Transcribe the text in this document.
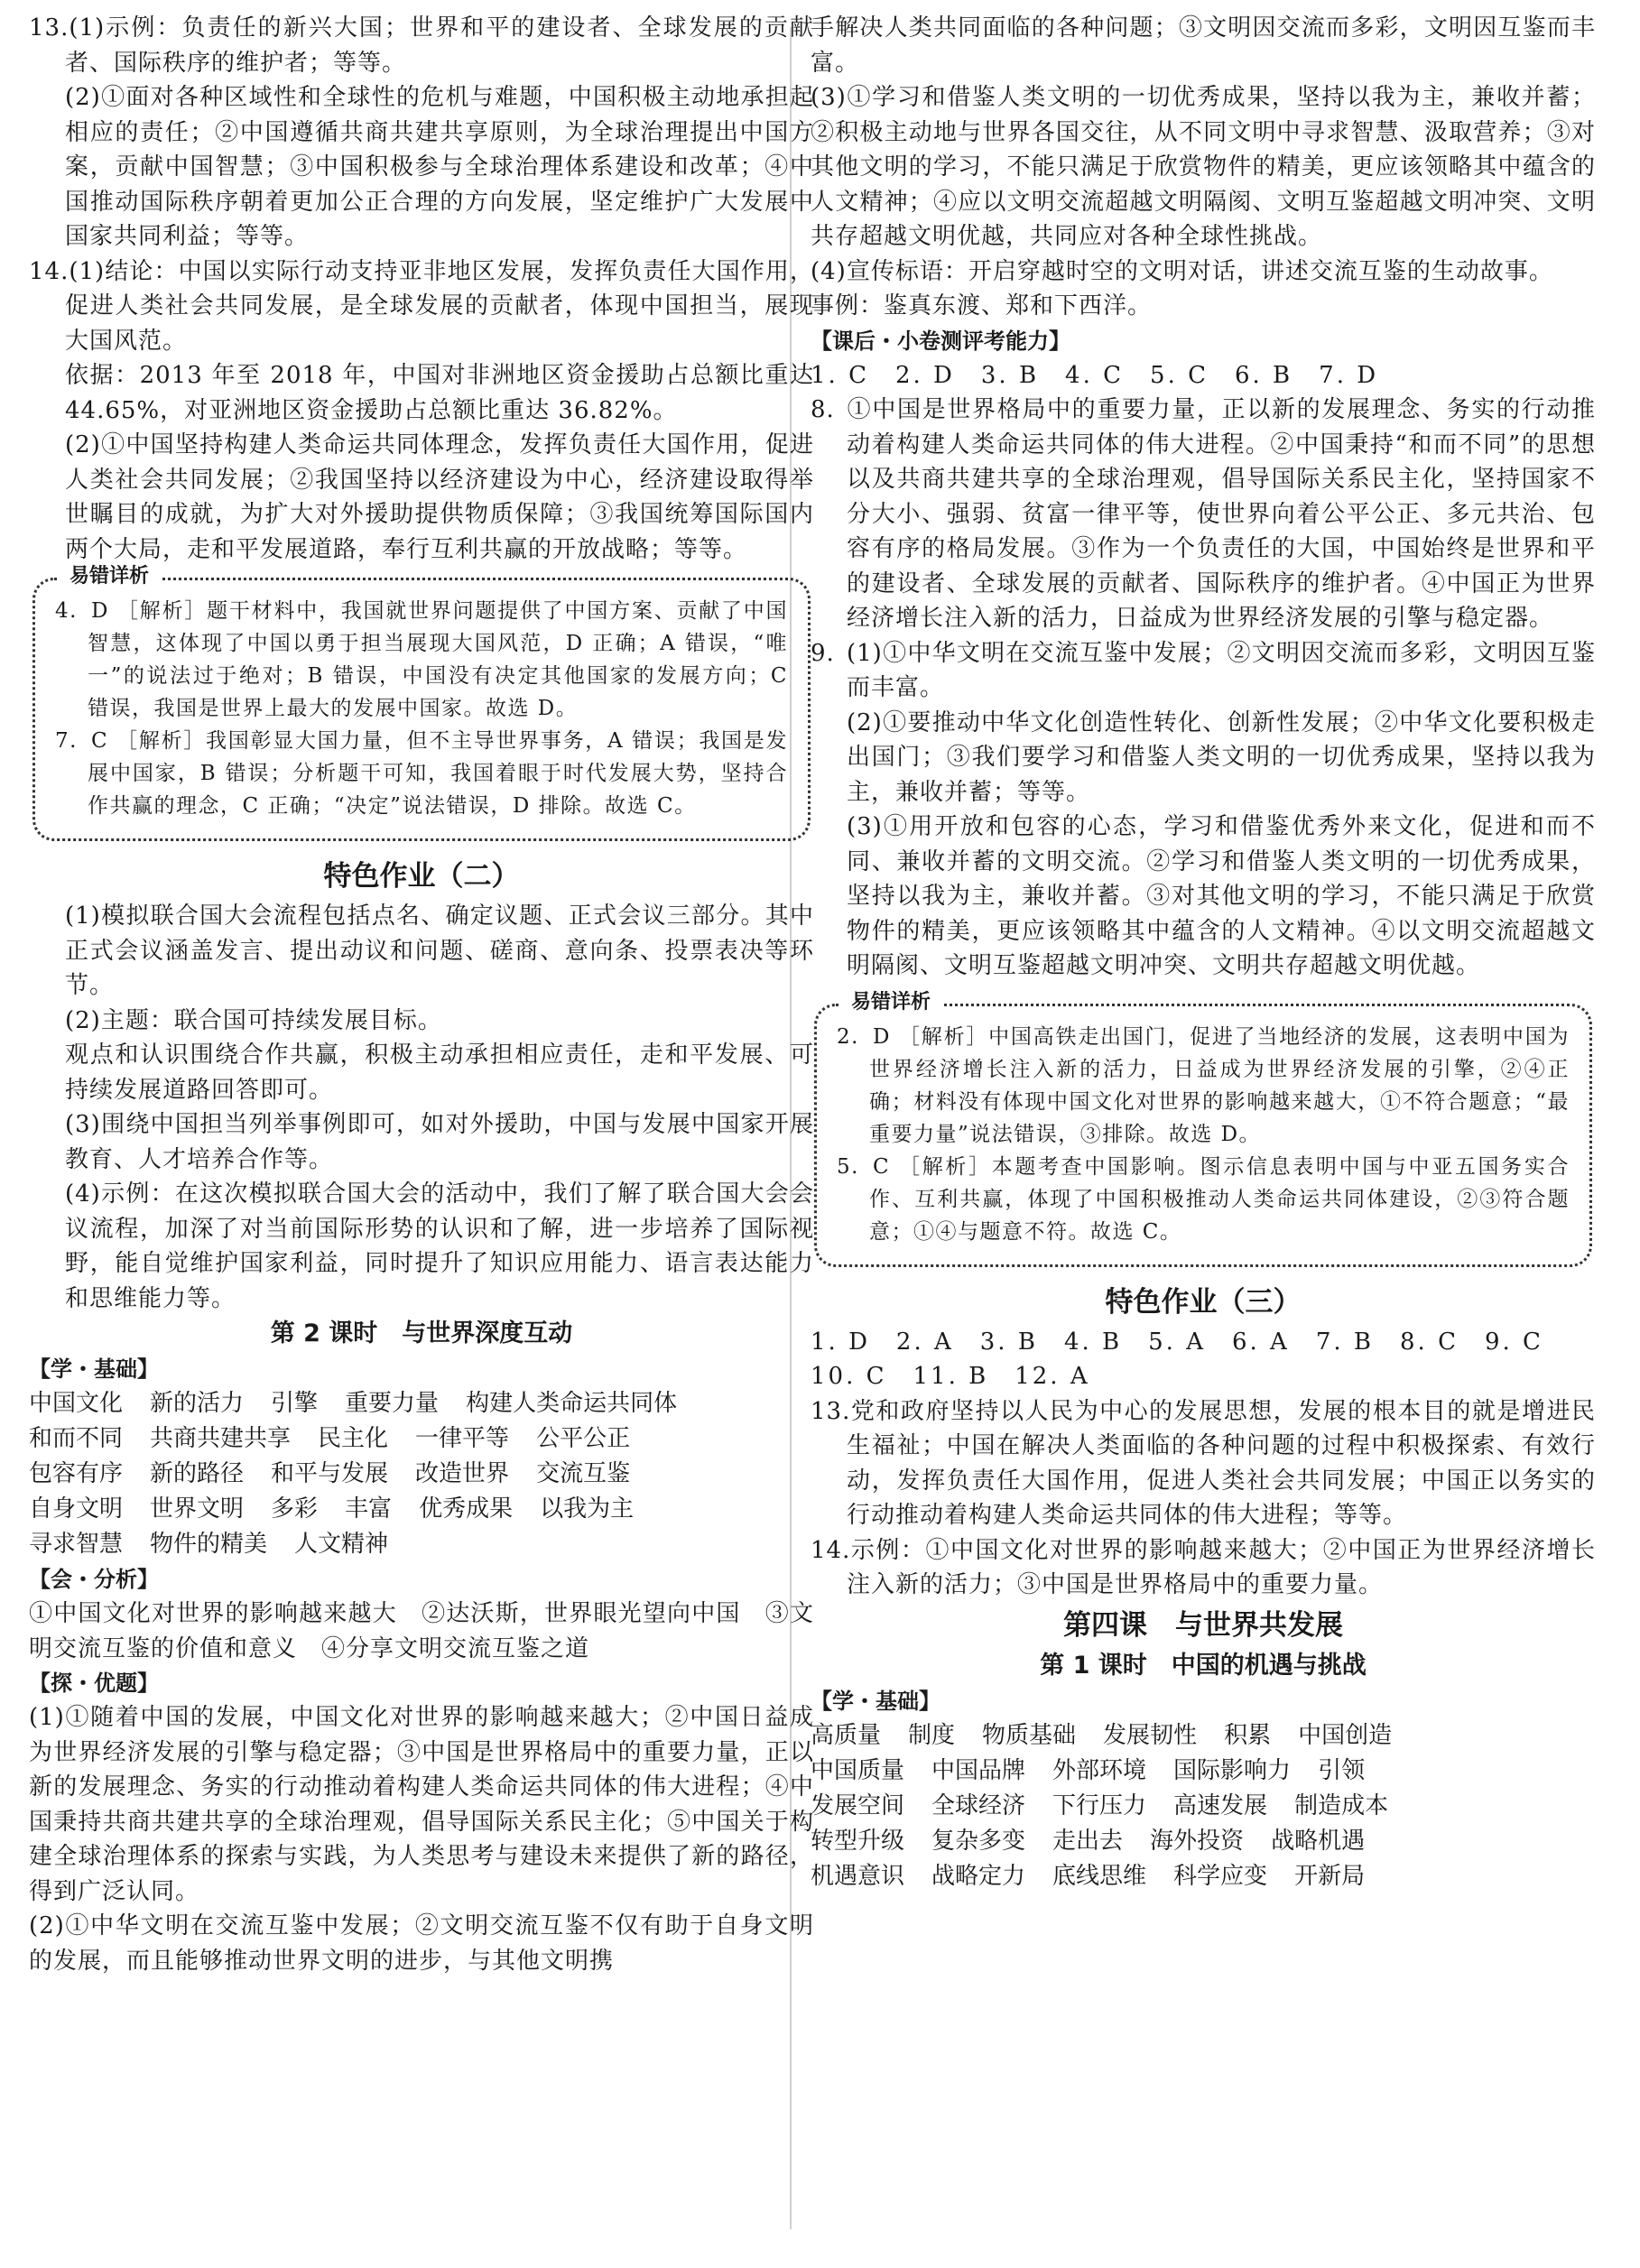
13.(1)示例：负责任的新兴大国；世界和平的建设者、全球发展的贡献者、国际秩序的维护者；等等。

(2)①面对各种区域性和全球性的危机与难题，中国积极主动地承担起相应的责任；②中国遵循共商共建共享原则，为全球治理提出中国方案，贡献中国智慧；③中国积极参与全球治理体系建设和改革；④中国推动国际秩序朝着更加公正合理的方向发展，坚定维护广大发展中国家共同利益；等等。

14.(1)结论：中国以实际行动支持亚非地区发展，发挥负责任大国作用，促进人类社会共同发展，是全球发展的贡献者，体现中国担当，展现大国风范。

依据：2013 年至 2018 年，中国对非洲地区资金援助占总额比重达 44.65%，对亚洲地区资金援助占总额比重达 36.82%。

(2)①中国坚持构建人类命运共同体理念，发挥负责任大国作用，促进人类社会共同发展；②我国坚持以经济建设为中心，经济建设取得举世瞩目的成就，为扩大对外援助提供物质保障；③我国统筹国际国内两个大局，走和平发展道路，奉行互利共赢的开放战略；等等。

易错详析

4. D ［解析］题干材料中，我国就世界问题提供了中国方案、贡献了中国智慧，这体现了中国以勇于担当展现大国风范，D 正确；A 错误，“唯一”的说法过于绝对；B 错误，中国没有决定其他国家的发展方向；C 错误，我国是世界上最大的发展中国家。故选 D。

7. C ［解析］我国彰显大国力量，但不主导世界事务，A 错误；我国是发展中国家，B 错误；分析题干可知，我国着眼于时代发展大势，坚持合作共赢的理念，C 正确；“决定”说法错误，D 排除。故选 C。

特色作业（二）

(1)模拟联合国大会流程包括点名、确定议题、正式会议三部分。其中正式会议涵盖发言、提出动议和问题、磋商、意向条、投票表决等环节。

(2)主题：联合国可持续发展目标。

观点和认识围绕合作共赢，积极主动承担相应责任，走和平发展、可持续发展道路回答即可。

(3)围绕中国担当列举事例即可，如对外援助，中国与发展中国家开展教育、人才培养合作等。

(4)示例：在这次模拟联合国大会的活动中，我们了解了联合国大会会议流程，加深了对当前国际形势的认识和了解，进一步培养了国际视野，能自觉维护国家利益，同时提升了知识应用能力、语言表达能力和思维能力等。

第 2 课时　与世界深度互动
【学・基础】
中国文化 新的活力 引擎 重要力量 构建人类命运共同体
和而不同 共商共建共享 民主化 一律平等 公平公正
包容有序 新的路径 和平与发展 改造世界 交流互鉴
自身文明 世界文明 多彩 丰富 优秀成果 以我为主
寻求智慧 物件的精美 人文精神
【会・分析】

①中国文化对世界的影响越来越大　②达沃斯，世界眼光望向中国　③文明交流互鉴的价值和意义　④分享文明交流互鉴之道

【探・优题】

(1)①随着中国的发展，中国文化对世界的影响越来越大；②中国日益成为世界经济发展的引擎与稳定器；③中国是世界格局中的重要力量，正以新的发展理念、务实的行动推动着构建人类命运共同体的伟大进程；④中国秉持共商共建共享的全球治理观，倡导国际关系民主化；⑤中国关于构建全球治理体系的探索与实践，为人类思考与建设未来提供了新的路径，得到广泛认同。

(2)①中华文明在交流互鉴中发展；②文明交流互鉴不仅有助于自身文明的发展，而且能够推动世界文明的进步，与其他文明携

手解决人类共同面临的各种问题；③文明因交流而多彩，文明因互鉴而丰富。

(3)①学习和借鉴人类文明的一切优秀成果，坚持以我为主，兼收并蓄；②积极主动地与世界各国交往，从不同文明中寻求智慧、汲取营养；③对其他文明的学习，不能只满足于欣赏物件的精美，更应该领略其中蕴含的人文精神；④应以文明交流超越文明隔阂、文明互鉴超越文明冲突、文明共存超越文明优越，共同应对各种全球性挑战。

(4)宣传标语：开启穿越时空的文明对话，讲述交流互鉴的生动故事。

事例：鉴真东渡、郑和下西洋。

【课后・小卷测评考能力】

1. C　2. D　3. B　4. C　5. C　6. B　7. D

8. ①中国是世界格局中的重要力量，正以新的发展理念、务实的行动推动着构建人类命运共同体的伟大进程。②中国秉持“和而不同”的思想以及共商共建共享的全球治理观，倡导国际关系民主化，坚持国家不分大小、强弱、贫富一律平等，使世界向着公平公正、多元共治、包容有序的格局发展。③作为一个负责任的大国，中国始终是世界和平的建设者、全球发展的贡献者、国际秩序的维护者。④中国正为世界经济增长注入新的活力，日益成为世界经济发展的引擎与稳定器。

9. (1)①中华文明在交流互鉴中发展；②文明因交流而多彩，文明因互鉴而丰富。

(2)①要推动中华文化创造性转化、创新性发展；②中华文化要积极走出国门；③我们要学习和借鉴人类文明的一切优秀成果，坚持以我为主，兼收并蓄；等等。

(3)①用开放和包容的心态，学习和借鉴优秀外来文化，促进和而不同、兼收并蓄的文明交流。②学习和借鉴人类文明的一切优秀成果，坚持以我为主，兼收并蓄。③对其他文明的学习，不能只满足于欣赏物件的精美，更应该领略其中蕴含的人文精神。④以文明交流超越文明隔阂、文明互鉴超越文明冲突、文明共存超越文明优越。

易错详析

2. D ［解析］中国高铁走出国门，促进了当地经济的发展，这表明中国为世界经济增长注入新的活力，日益成为世界经济发展的引擎，②④正确；材料没有体现中国文化对世界的影响越来越大，①不符合题意；“最重要力量”说法错误，③排除。故选 D。

5. C ［解析］本题考查中国影响。图示信息表明中国与中亚五国务实合作、互利共赢，体现了中国积极推动人类命运共同体建设，②③符合题意；①④与题意不符。故选 C。

特色作业（三）

1. D　2. A　3. B　4. B　5. A　6. A　7. B　8. C　9. C

10. C　11. B　12. A

13.党和政府坚持以人民为中心的发展思想，发展的根本目的就是增进民生福祉；中国在解决人类面临的各种问题的过程中积极探索、有效行动，发挥负责任大国作用，促进人类社会共同发展；中国正以务实的行动推动着构建人类命运共同体的伟大进程；等等。

14.示例：①中国文化对世界的影响越来越大；②中国正为世界经济增长注入新的活力；③中国是世界格局中的重要力量。

第四课　与世界共发展
第 1 课时　中国的机遇与挑战
【学・基础】
高质量 制度 物质基础 发展韧性 积累 中国创造
中国质量 中国品牌 外部环境 国际影响力 引领
发展空间 全球经济 下行压力 高速发展 制造成本
转型升级 复杂多变 走出去 海外投资 战略机遇
机遇意识 战略定力 底线思维 科学应变 开新局
